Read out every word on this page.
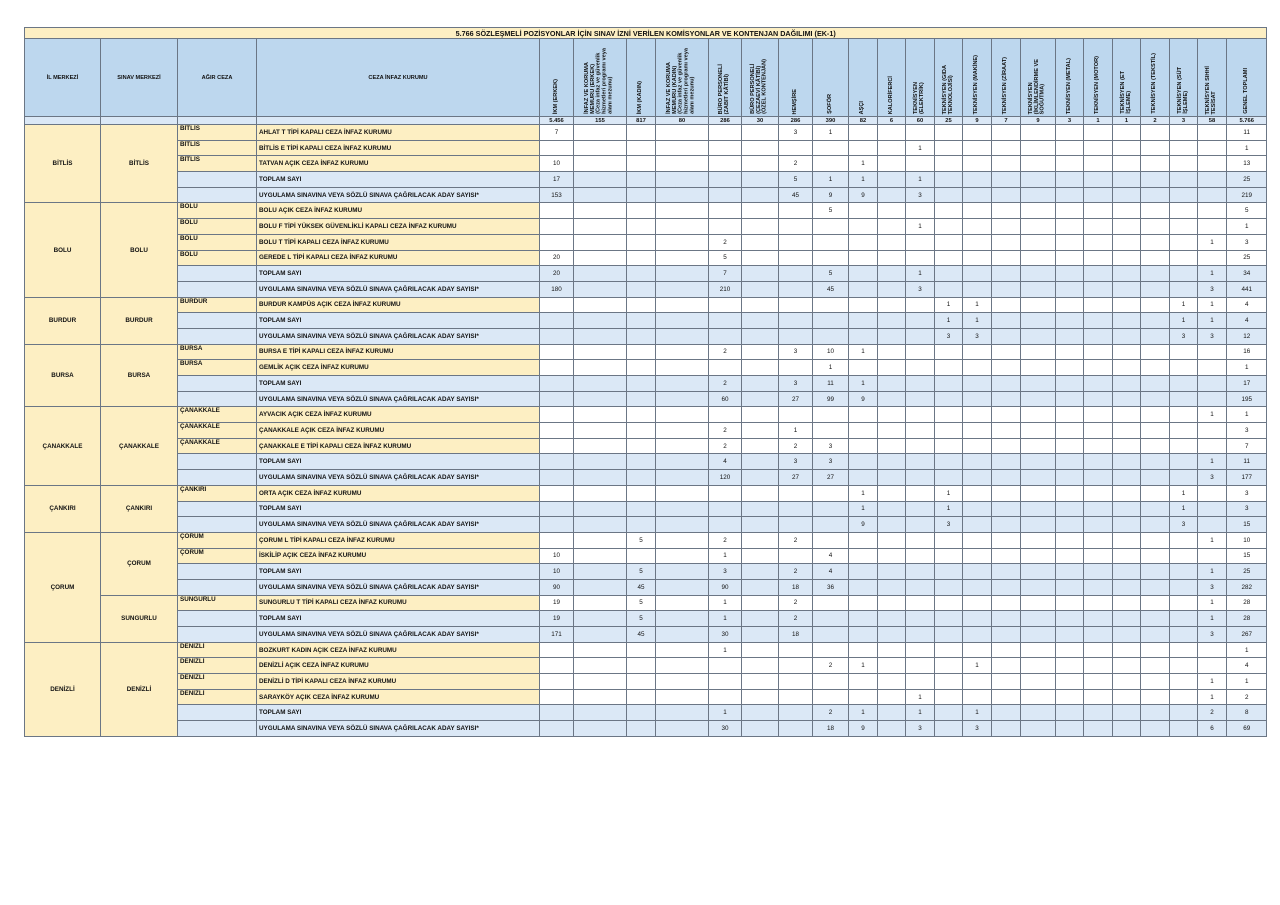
5.766 SÖZLEŞMELİ POZİSYONLAR İÇİN SINAV İZNİ VERİLEN KOMİSYONLAR VE KONTENJAN DAĞILIMI (EK-1)																									
İL MERKEZİ	SINAV MERKEZİ	AĞIR CEZA	CEZA İNFAZ KURUMU	İKM (ERKEK)	İNFAZ VE KORUMA
MEMURU (ERKEK)
(Ceza infaz ve güvenlik
hizmetleri programı veya
alanı mezunu)	İKM (KADIN)	İNFAZ VE KORUMA
MEMURU (KADIN)
(Ceza infaz ve güvenlik
hizmetleri programı veya
alanı mezunu)	BÜRO PERSONELİ
(ZABIT KÂTİBİ)	BÜRO PERSONELİ
(CEZAEVİ KÂTİBİ)
(ÖZEL KONTENJAN)	HEMŞİRE	ŞOFÖR	AŞÇI	KALORİFERCİ	TEKNİSYEN
(ELEKTRİK)	TEKNİSYEN (GIDA
TEKNOLOJİSİ)	TEKNİSYEN (MAKİNE)	TEKNİSYEN (ZİRAAT)	TEKNİSYEN
(İKLİMLENDİRME VE
SOĞUTMA)	TEKNİSYEN (METAL)	TEKNİSYEN (MOTOR)	TEKNİSYEN (ET
İŞLEME)	TEKNİSYEN (TEKSTİL)	TEKNİSYEN (SÜT
İŞLEME)	TEKNİSYEN SIHHİ
TESİSAT	GENEL TOPLAMI

				5.456	155	817	80	286	30	286	390	82	6	60	25	9	7	9	3	1	1	2	3	58	5.766
BİTLİS	BİTLİS	BİTLİS	AHLAT T TİPİ KAPALI CEZA İNFAZ KURUMU	7						3	1														11
		BİTLİS	BİTLİS E TİPİ KAPALI CEZA İNFAZ KURUMU											1											1
		BİTLİS	TATVAN AÇIK CEZA İNFAZ KURUMU	10						2		1													13
			TOPLAM SAYI	17						5	1	1		1											25
			UYGULAMA SINAVINA VEYA SÖZLÜ SINAVA ÇAĞRILACAK ADAY SAYISI*	153						45	9	9		3											219
BOLU	BOLU	BOLU	BOLU AÇIK CEZA İNFAZ KURUMU								5														5
		BOLU	BOLU F TİPİ YÜKSEK GÜVENLİKLİ KAPALI CEZA İNFAZ KURUMU											1											1
		BOLU	BOLU T TİPİ KAPALI CEZA İNFAZ KURUMU					2																1	3
		BOLU	GEREDE L TİPİ KAPALI CEZA İNFAZ KURUMU	20				5																	25
			TOPLAM SAYI	20				7			5			1										1	34
			UYGULAMA SINAVINA VEYA SÖZLÜ SINAVA ÇAĞRILACAK ADAY SAYISI*	180				210			45			3										3	441
BURDUR	BURDUR	BURDUR	BURDUR KAMPÜS AÇIK CEZA İNFAZ KURUMU												1	1							1	1	4
			TOPLAM SAYI												1	1							1	1	4
			UYGULAMA SINAVINA VEYA SÖZLÜ SINAVA ÇAĞRILACAK ADAY SAYISI*												3	3							3	3	12
BURSA	BURSA	BURSA	BURSA E TİPİ KAPALI CEZA İNFAZ KURUMU					2		3	10	1													16
		BURSA	GEMLİK AÇIK CEZA İNFAZ KURUMU								1														1
			TOPLAM SAYI					2		3	11	1													17
			UYGULAMA SINAVINA VEYA SÖZLÜ SINAVA ÇAĞRILACAK ADAY SAYISI*					60		27	99	9													195
ÇANAKKALE	ÇANAKKALE	ÇANAKKALE	AYVACIK AÇIK CEZA İNFAZ KURUMU																					1	1
		ÇANAKKALE	ÇANAKKALE AÇIK CEZA İNFAZ KURUMU					2		1															3
		ÇANAKKALE	ÇANAKKALE E TİPİ KAPALI CEZA İNFAZ KURUMU					2		2	3														7
			TOPLAM SAYI					4		3	3													1	11
			UYGULAMA SINAVINA VEYA SÖZLÜ SINAVA ÇAĞRILACAK ADAY SAYISI*					120		27	27													3	177
ÇANKIRI	ÇANKIRI	ÇANKIRI	ORTA AÇIK CEZA İNFAZ KURUMU									1			1								1		3
			TOPLAM SAYI									1			1								1		3
			UYGULAMA SINAVINA VEYA SÖZLÜ SINAVA ÇAĞRILACAK ADAY SAYISI*									9			3								3		15
ÇORUM	ÇORUM	ÇORUM	ÇORUM L TİPİ KAPALI CEZA İNFAZ KURUMU			5		2		2														1	10
		ÇORUM	İSKİLİP AÇIK CEZA İNFAZ KURUMU	10				1			4														15
			TOPLAM SAYI	10		5		3		2	4													1	25
			UYGULAMA SINAVINA VEYA SÖZLÜ SINAVA ÇAĞRILACAK ADAY SAYISI*	90		45		90		18	36													3	282
	SUNGURLU	SUNGURLU	SUNGURLU T TİPİ KAPALI CEZA İNFAZ KURUMU	19		5		1		2														1	28
			TOPLAM SAYI	19		5		1		2														1	28
			UYGULAMA SINAVINA VEYA SÖZLÜ SINAVA ÇAĞRILACAK ADAY SAYISI*	171		45		30		18														3	267
DENİZLİ	DENİZLİ	DENİZLİ	BOZKURT KADIN AÇIK CEZA İNFAZ KURUMU					1																	1
		DENİZLİ	DENİZLİ AÇIK CEZA İNFAZ KURUMU								2	1				1									4
		DENİZLİ	DENİZLİ D TİPİ KAPALI CEZA İNFAZ KURUMU																					1	1
		DENİZLİ	SARAYKÖY AÇIK CEZA İNFAZ KURUMU											1										1	2
			TOPLAM SAYI					1			2	1		1		1								2	8
			UYGULAMA SINAVINA VEYA SÖZLÜ SINAVA ÇAĞRILACAK ADAY SAYISI*					30			18	9		3		3								6	69
